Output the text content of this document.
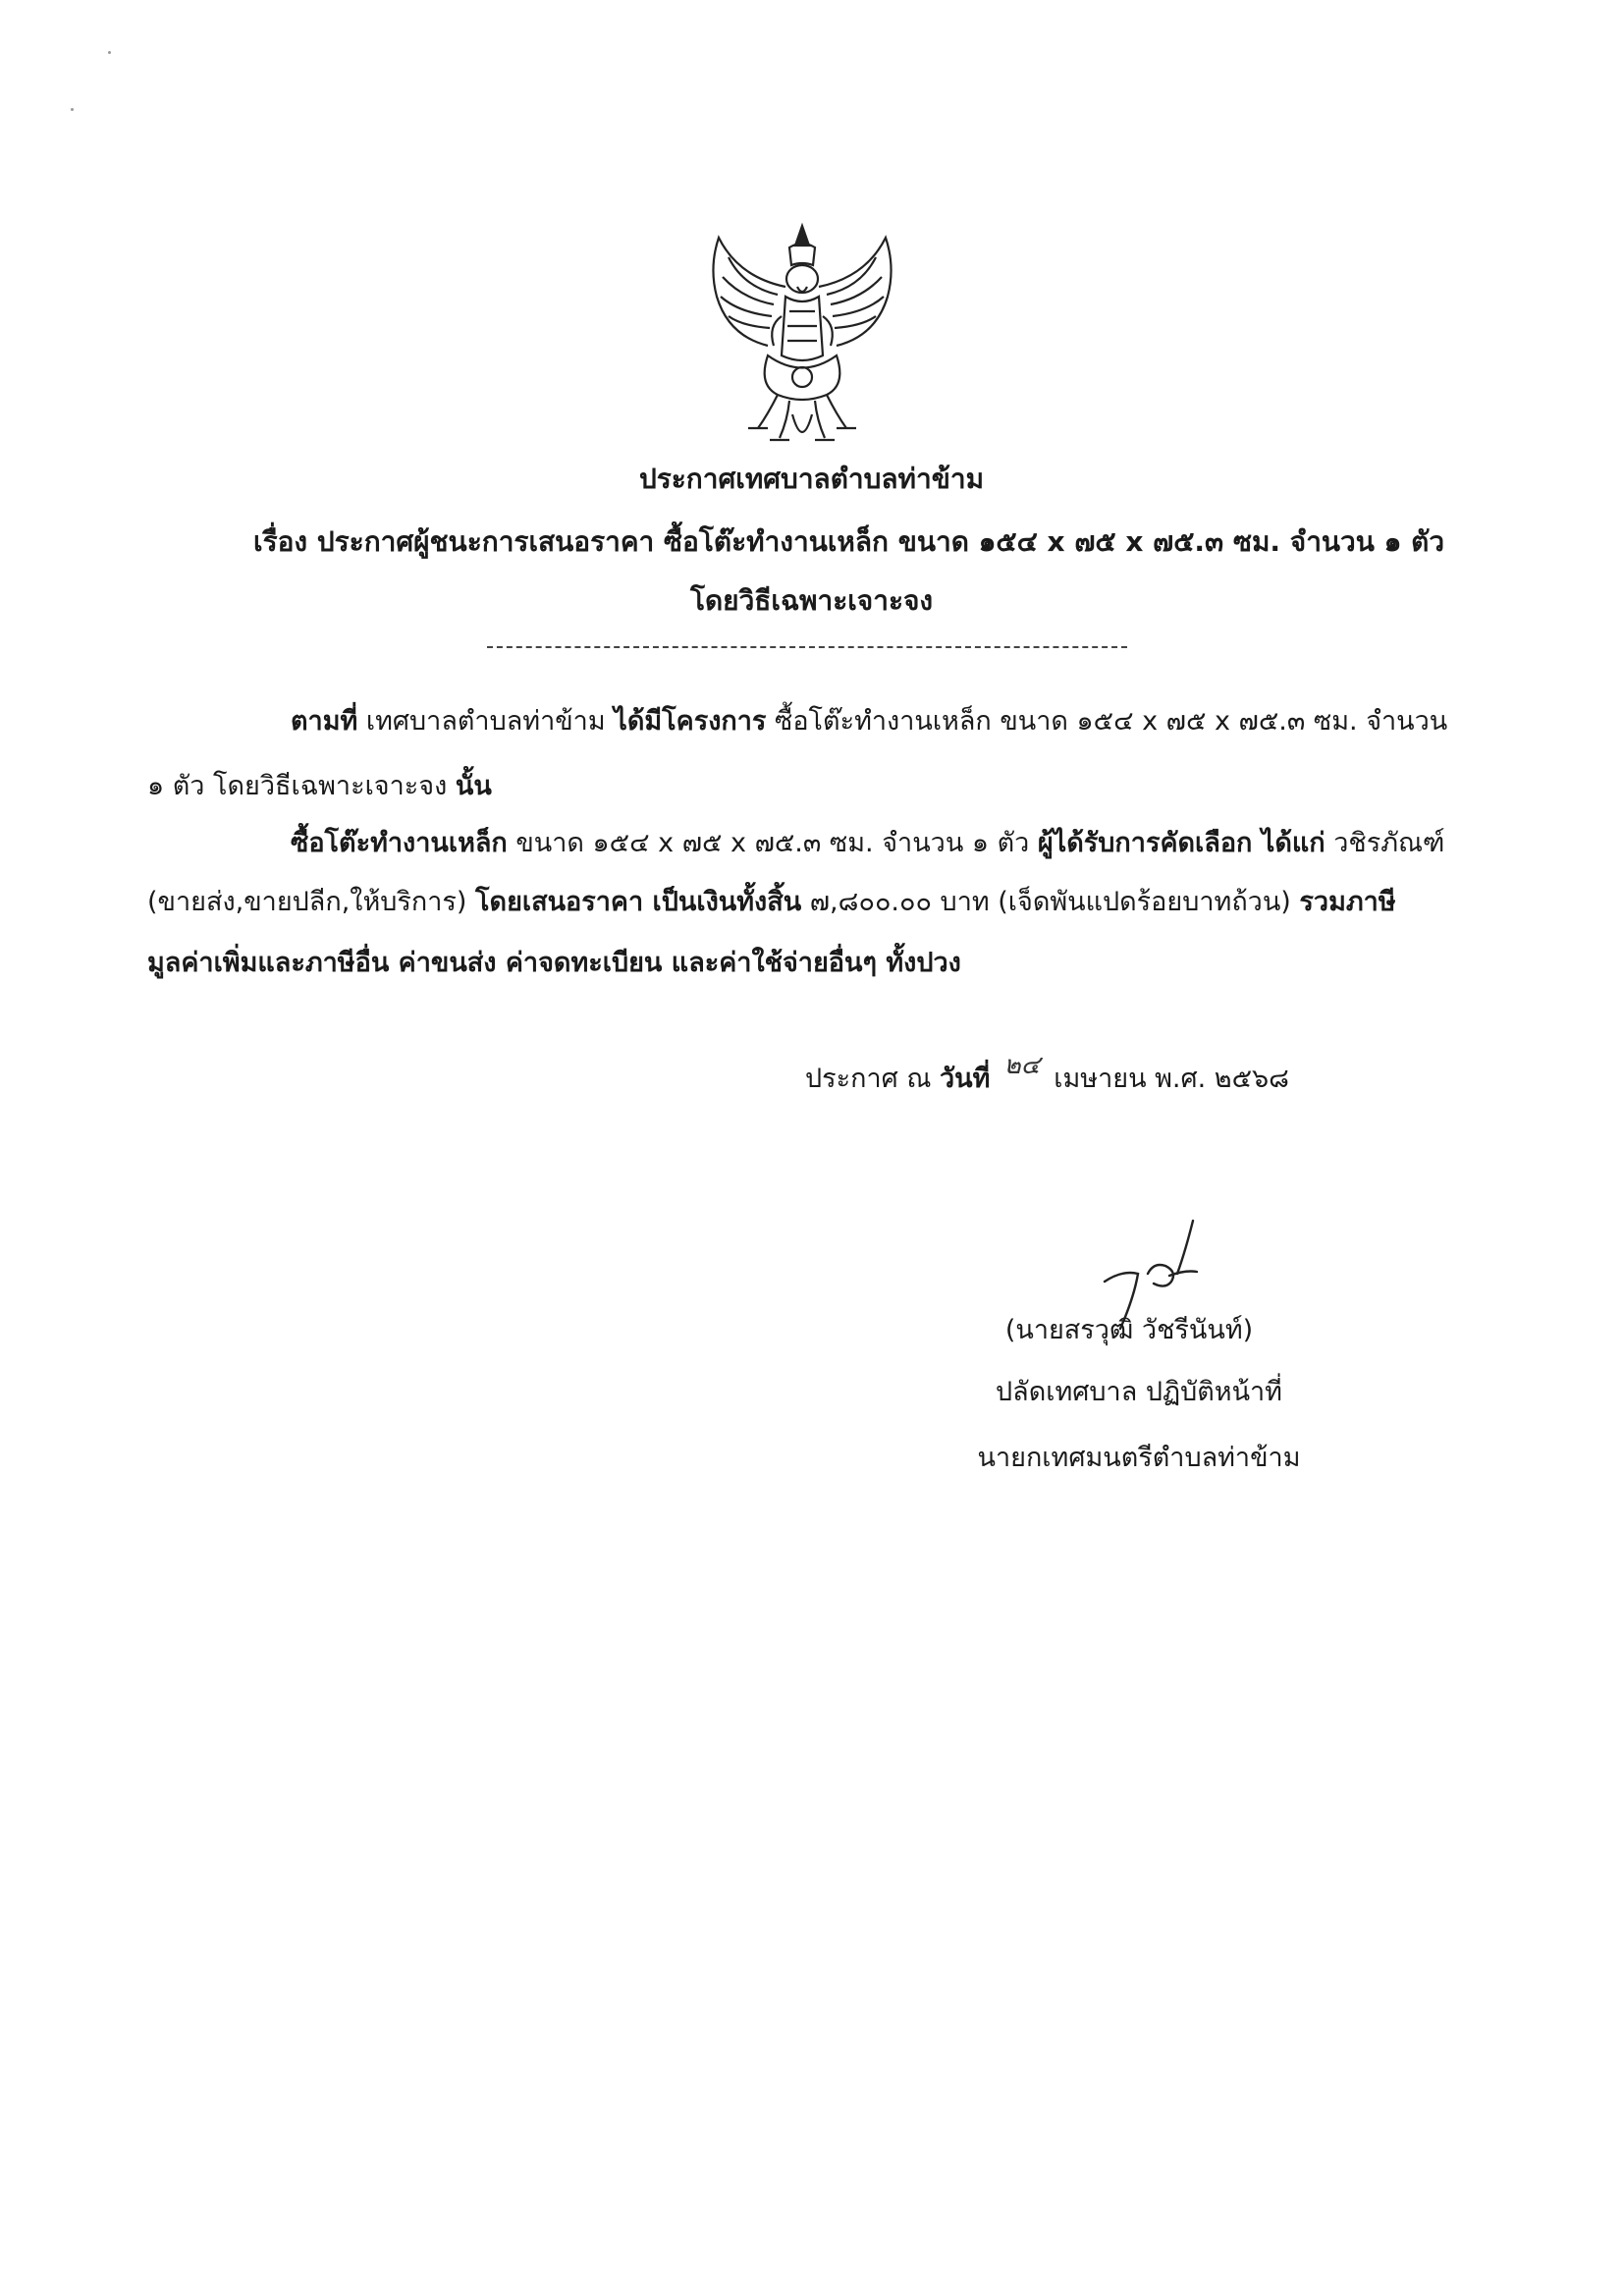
ประกาศเทศบาลตำบลท่าข้าม
เรื่อง ประกาศผู้ชนะการเสนอราคา ซื้อโต๊ะทำงานเหล็ก ขนาด ๑๕๔ x ๗๕ x ๗๕.๓ ซม. จำนวน ๑ ตัว
โดยวิธีเฉพาะเจาะจง
ตามที่ เทศบาลตำบลท่าข้าม ได้มีโครงการ ซื้อโต๊ะทำงานเหล็ก ขนาด ๑๕๔ x ๗๕ x ๗๕.๓ ซม. จำนวน
๑ ตัว โดยวิธีเฉพาะเจาะจง นั้น
ซื้อโต๊ะทำงานเหล็ก ขนาด ๑๕๔ x ๗๕ x ๗๕.๓ ซม. จำนวน ๑ ตัว ผู้ได้รับการคัดเลือก ได้แก่ วชิรภัณฑ์
(ขายส่ง,ขายปลีก,ให้บริการ) โดยเสนอราคา เป็นเงินทั้งสิ้น ๗,๘๐๐.๐๐ บาท (เจ็ดพันแปดร้อยบาทถ้วน) รวมภาษี
มูลค่าเพิ่มและภาษีอื่น ค่าขนส่ง ค่าจดทะเบียน และค่าใช้จ่ายอื่นๆ ทั้งปวง
ประกาศ ณ วันที่ ๒๔ เมษายน พ.ศ. ๒๕๖๘
(นายสรวุฒิ วัชรีนันท์)
ปลัดเทศบาล ปฏิบัติหน้าที่
นายกเทศมนตรีตำบลท่าข้าม
